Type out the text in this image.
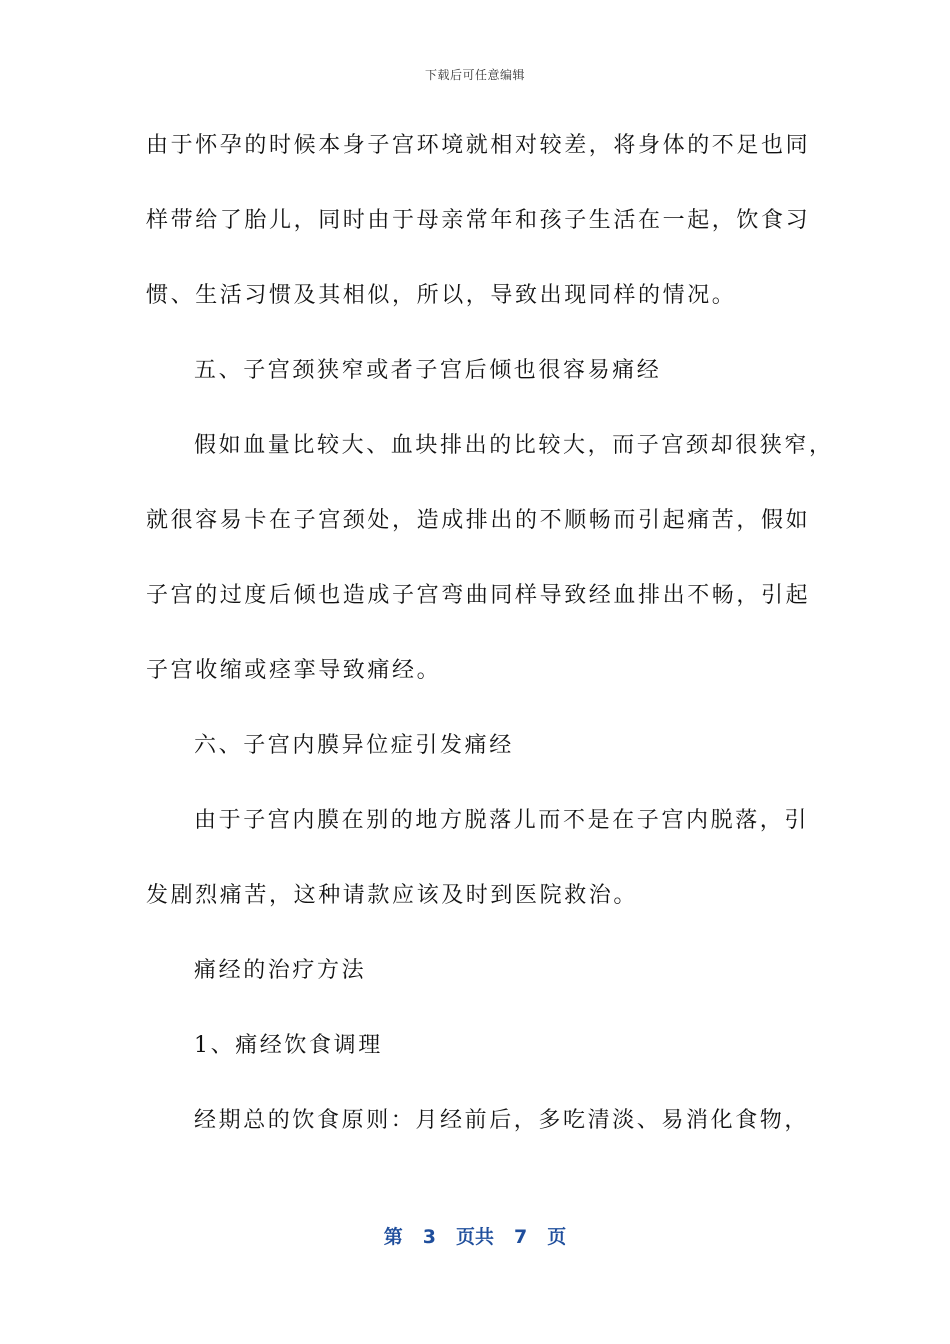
下载后可任意编辑
由于怀孕的时候本身子宫环境就相对较差，将身体的不足也同
样带给了胎儿，同时由于母亲常年和孩子生活在一起，饮食习
惯、生活习惯及其相似，所以，导致出现同样的情况。
五、子宫颈狭窄或者子宫后倾也很容易痛经
假如血量比较大、血块排出的比较大，而子宫颈却很狭窄，
就很容易卡在子宫颈处，造成排出的不顺畅而引起痛苦，假如
子宫的过度后倾也造成子宫弯曲同样导致经血排出不畅，引起
子宫收缩或痉挛导致痛经。
六、子宫内膜异位症引发痛经
由于子宫内膜在别的地方脱落儿而不是在子宫内脱落，引
发剧烈痛苦，这种请款应该及时到医院救治。
痛经的治疗方法
1、痛经饮食调理
经期总的饮食原则：月经前后，多吃清淡、易消化食物，
第 3 页共 7 页
